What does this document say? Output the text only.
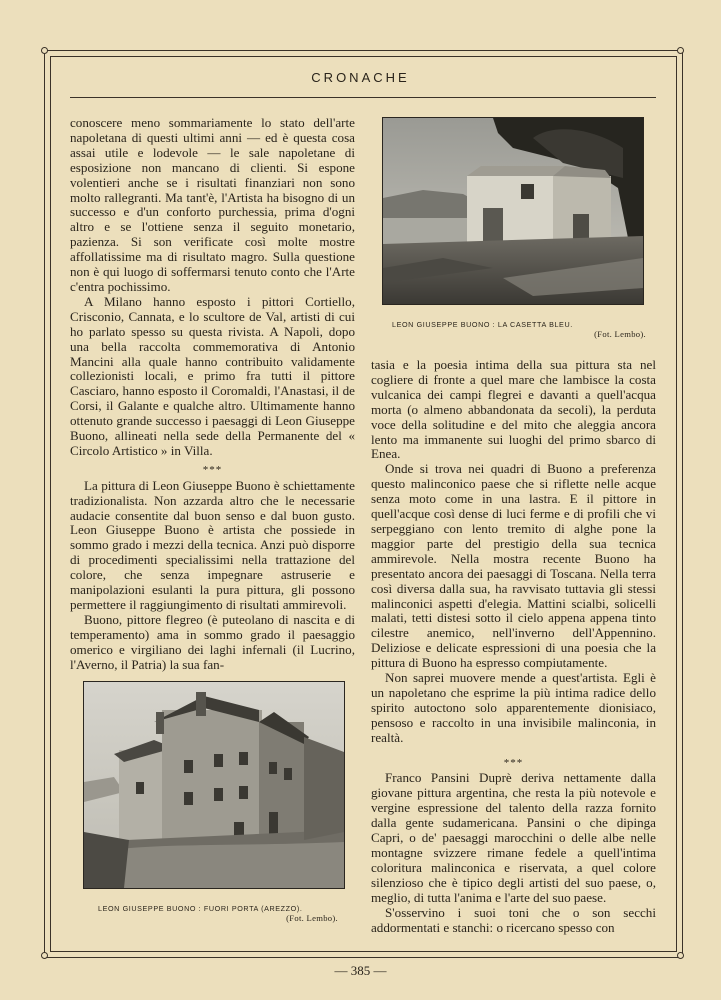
CRONACHE

conoscere meno sommariamente lo stato dell'arte napoletana di questi ultimi anni — ed è questa cosa assai utile e lodevole — le sale napoletane di esposizione non mancano di clienti. Si espone volentieri anche se i risultati finanziari non sono molto rallegranti. Ma tant'è, l'Artista ha bisogno di un successo e d'un conforto purchessia, prima d'ogni altro e se l'ottiene senza il seguito monetario, pazienza. Si son verificate così molte mostre affollatissime ma di risultato magro. Sulla questione non è qui luogo di soffermarsi tenuto conto che l'Arte c'entra pochissimo.

A Milano hanno esposto i pittori Cortiello, Crisconio, Cannata, e lo scultore de Val, artisti di cui ho parlato spesso su questa rivista. A Napoli, dopo una bella raccolta commemorativa di Antonio Mancini alla quale hanno contribuito validamente collezionisti locali, e primo fra tutti il pittore Casciaro, hanno esposto il Coromaldi, l'Anastasi, il de Corsi, il Galante e qualche altro. Ultimamente hanno ottenuto grande successo i paesaggi di Leon Giuseppe Buono, allineati nella sede della Permanente del « Circolo Artistico » in Villa.

***

La pittura di Leon Giuseppe Buono è schiettamente tradizionalista. Non azzarda altro che le necessarie audacie consentite dal buon senso e dal buon gusto. Leon Giuseppe Buono è artista che possiede in sommo grado i mezzi della tecnica. Anzi può disporre di procedimenti specialissimi nella trattazione del colore, che senza impegnare astruserie e manipolazioni esulanti la pura pittura, gli possono permettere il raggiungimento di risultati ammirevoli.

Buono, pittore flegreo (è puteolano di nascita e di temperamento) ama in sommo grado il paesaggio omerico e virgiliano dei laghi infernali (il Lucrino, l'Averno, il Patria) la sua fan-

LEON GIUSEPPE BUONO : LA CASETTA BLEU.
(Fot. Lembo).

tasia e la poesia intima della sua pittura sta nel cogliere di fronte a quel mare che lambisce la costa vulcanica dei campi flegrei e davanti a quell'acqua morta (o almeno abbandonata da secoli), la perduta voce della solitudine e del mito che aleggia ancora lento ma immanente sui luoghi del primo sbarco di Enea.

Onde si trova nei quadri di Buono a preferenza questo malinconico paese che si riflette nelle acque senza moto come in una lastra. E il pittore in quell'acque così dense di luci ferme e di profili che vi serpeggiano con lento tremito di alghe pone la maggior parte del prestigio della sua tecnica ammirevole. Nella mostra recente Buono ha presentato ancora dei paesaggi di Toscana. Nella terra così diversa dalla sua, ha ravvisato tuttavia gli stessi malinconici aspetti d'elegia. Mattini scialbi, solicelli malati, tetti distesi sotto il cielo appena appena tinto cilestre anemico, nell'inverno dell'Appennino. Deliziose e delicate espressioni di una poesia che la pittura di Buono ha espresso compiutamente.

Non saprei muovere mende a quest'artista. Egli è un napoletano che esprime la più intima radice dello spirito autoctono solo apparentemente dionisiaco, pensoso e raccolto in una invisibile malinconia, in realtà.

***

Franco Pansini Duprè deriva nettamente dalla giovane pittura argentina, che resta la più notevole e vergine espressione del talento della razza fornito dalla gente sudamericana. Pansini o che dipinga Capri, o de' paesaggi marocchini o delle albe nelle montagne svizzere rimane fedele a quell'intima coloritura malinconica e riservata, a quel colore silenzioso che è tipico degli artisti del suo paese, o, meglio, di tutta l'anima e l'arte del suo paese.

S'osservino i suoi toni che o son secchi addormentati e stanchi: o ricercano spesso con

LEON GIUSEPPE BUONO : FUORI PORTA (AREZZO).
(Fot. Lembo).
— 385 —
